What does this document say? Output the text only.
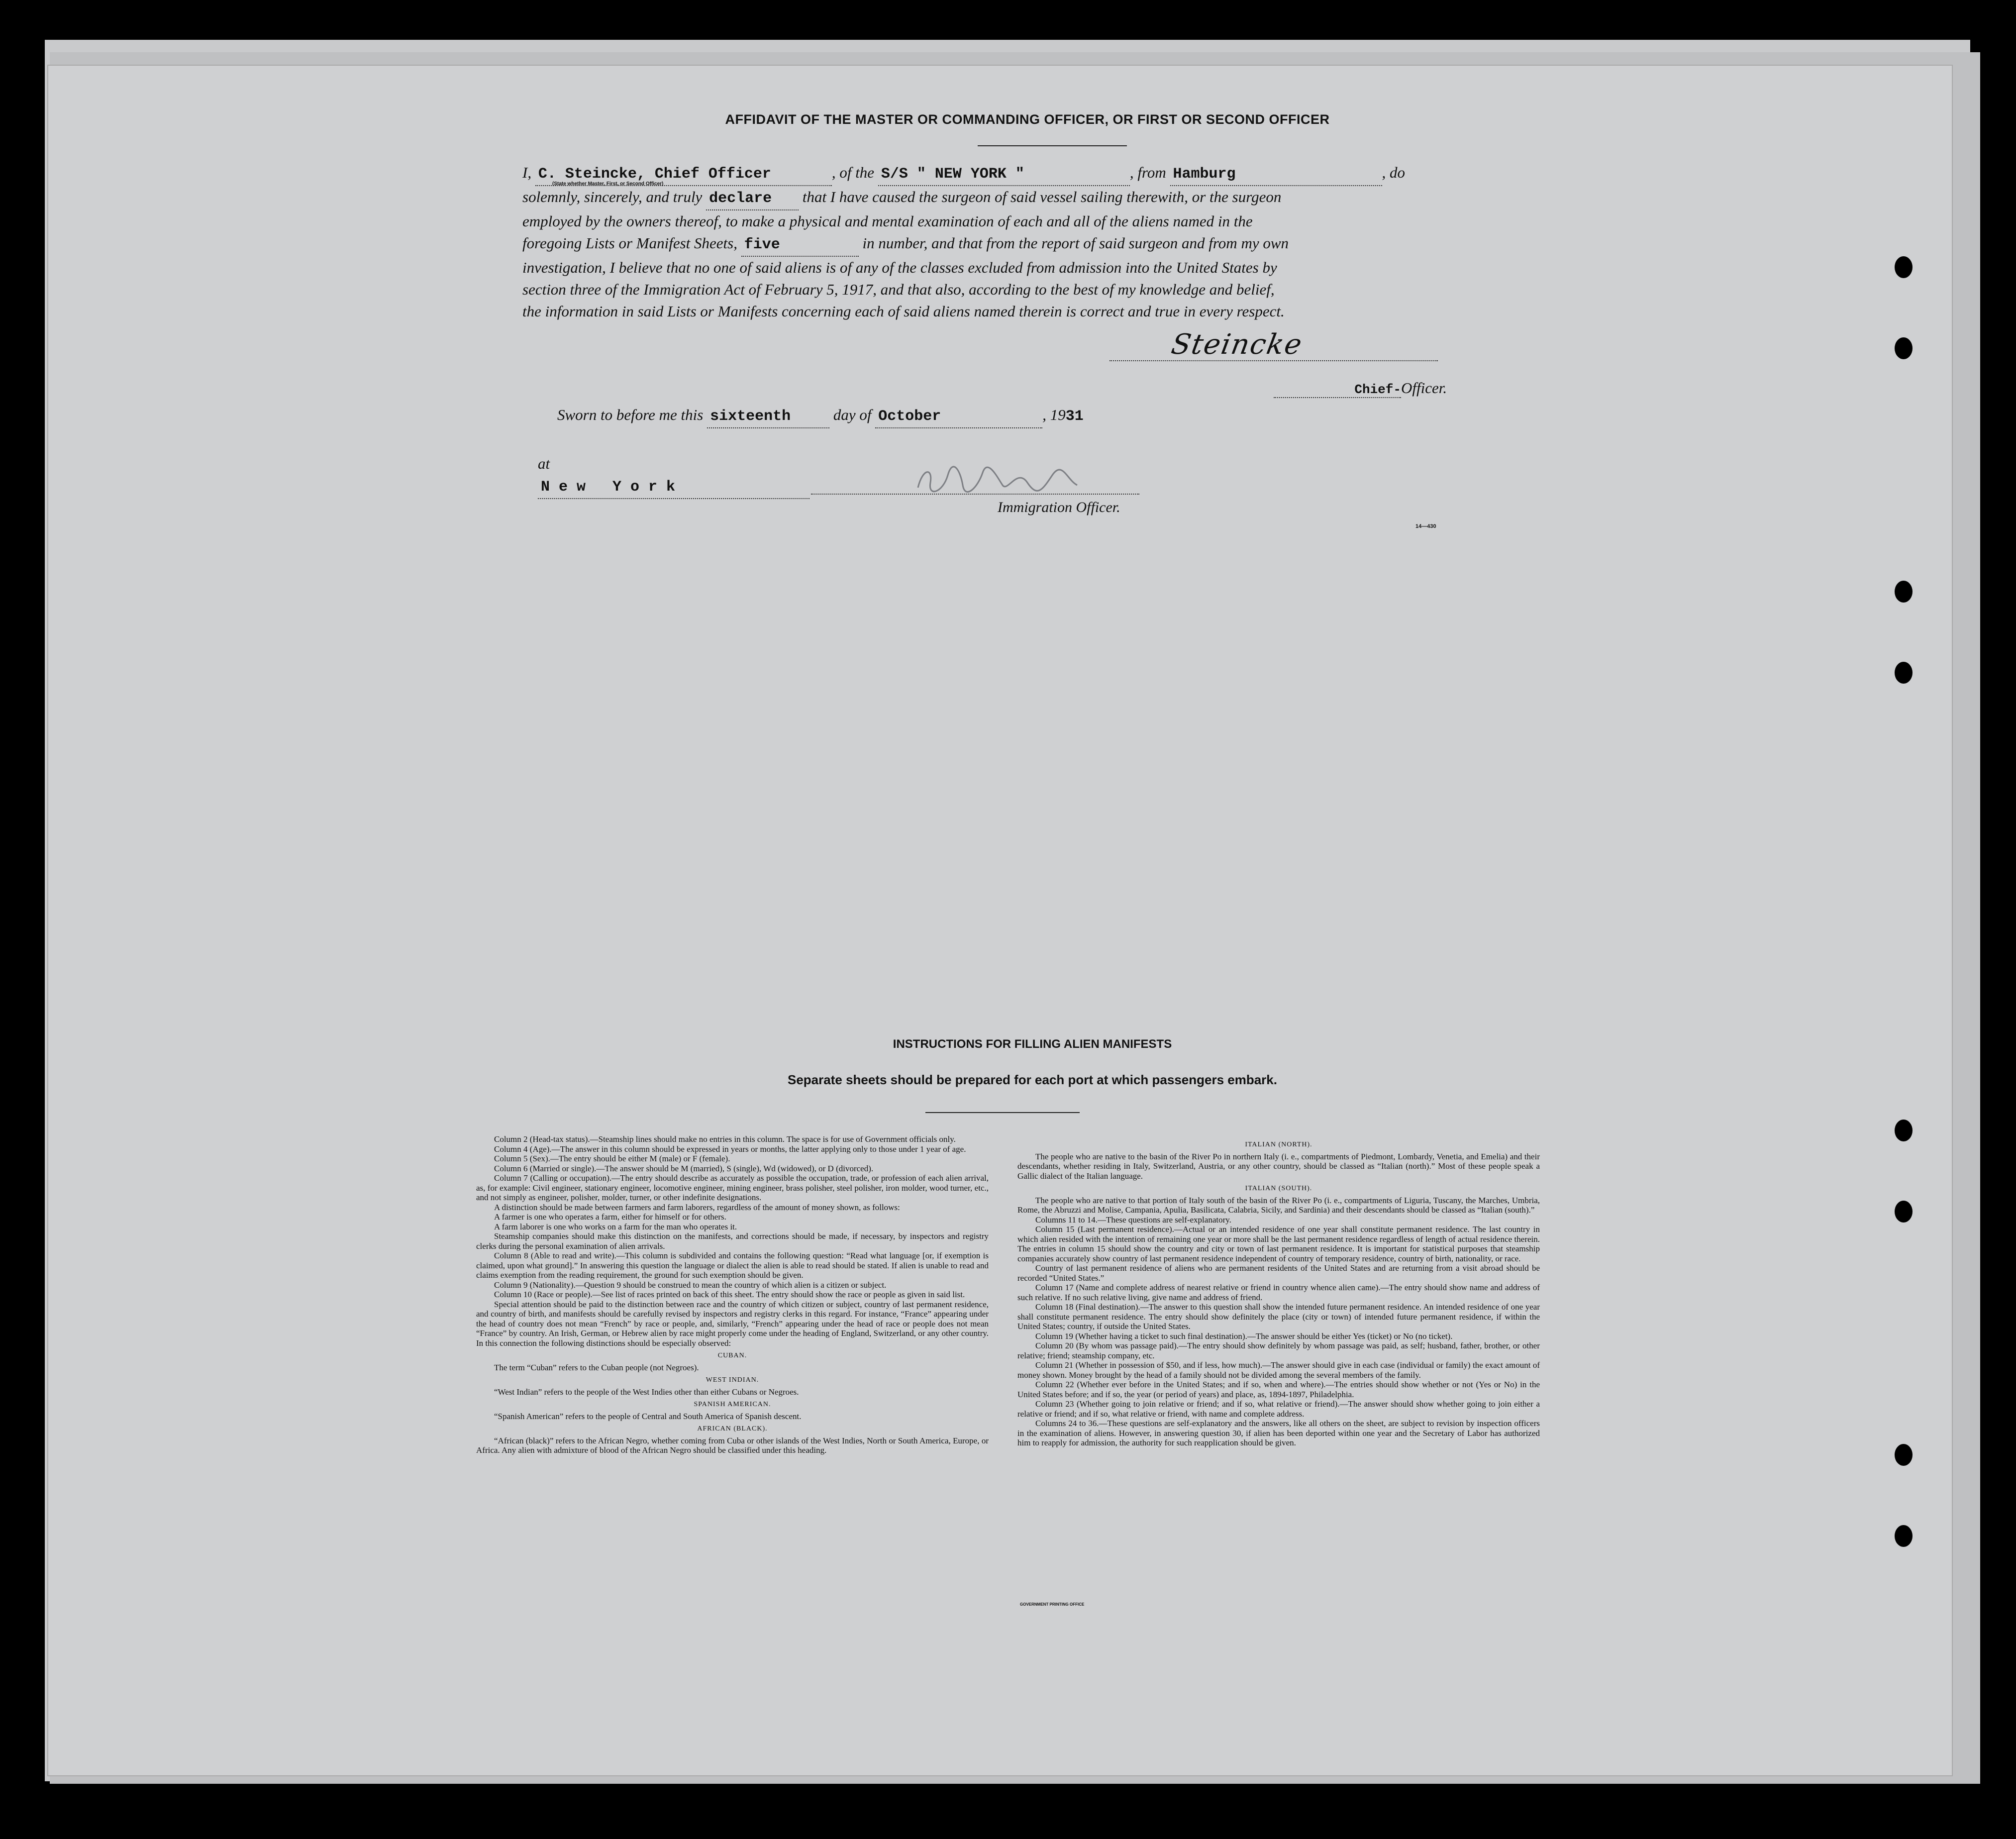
AFFIDAVIT OF THE MASTER OR COMMANDING OFFICER, OR FIRST OR SECOND OFFICER
I, C. Steincke, Chief Officer	, of the S/S " NEW YORK "	, from Hamburg	, do
(State whether Master, First, or Second Officer)
solemnly, sincerely, and truly declare that I have caused the surgeon of said vessel sailing therewith, or the surgeon
employed by the owners thereof, to make a physical and mental examination of each and all of the aliens named in the
foregoing Lists or Manifest Sheets, five	in number, and that from the report of said surgeon and from my own
investigation, I believe that no one of said aliens is of any of the classes excluded from admission into the United States by
section three of the Immigration Act of February 5, 1917, and that also, according to the best of my knowledge and belief,
the information in said Lists or Manifests concerning each of said aliens named therein is correct and true in every respect.
Steincke
Chief-Officer.
Sworn to before me this sixteenth	day of October	, 1931

at
N e w   Y o r k

Immigration Officer.
14—430
INSTRUCTIONS FOR FILLING ALIEN MANIFESTS
Separate sheets should be prepared for each port at which passengers embark.

Column 2 (Head-tax status).—Steamship lines should make no entries in this column. The space is for use of Government officials only.

Column 4 (Age).—The answer in this column should be expressed in years or months, the latter applying only to those under 1 year of age.

Column 5 (Sex).—The entry should be either M (male) or F (female).

Column 6 (Married or single).—The answer should be M (married), S (single), Wd (widowed), or D (divorced).

Column 7 (Calling or occupation).—The entry should describe as accurately as possible the occupation, trade, or profession of each alien arrival, as, for example: Civil engineer, stationary engineer, locomotive engineer, mining engineer, brass polisher, steel polisher, iron molder, wood turner, etc., and not simply as engineer, polisher, molder, turner, or other indefinite designations.

A distinction should be made between farmers and farm laborers, regardless of the amount of money shown, as follows:

A farmer is one who operates a farm, either for himself or for others.

A farm laborer is one who works on a farm for the man who operates it.

Steamship companies should make this distinction on the manifests, and corrections should be made, if necessary, by inspectors and registry clerks during the personal examination of alien arrivals.

Column 8 (Able to read and write).—This column is subdivided and contains the following question: “Read what language [or, if exemption is claimed, upon what ground].” In answering this question the language or dialect the alien is able to read should be stated. If alien is unable to read and claims exemption from the reading requirement, the ground for such exemption should be given.

Column 9 (Nationality).—Question 9 should be construed to mean the country of which alien is a citizen or subject.

Column 10 (Race or people).—See list of races printed on back of this sheet. The entry should show the race or people as given in said list.

Special attention should be paid to the distinction between race and the country of which citizen or subject, country of last permanent residence, and country of birth, and manifests should be carefully revised by inspectors and registry clerks in this regard. For instance, “France” appearing under the head of country does not mean “French” by race or people, and, similarly, “French” appearing under the head of race or people does not mean “France” by country. An Irish, German, or Hebrew alien by race might properly come under the heading of England, Switzerland, or any other country. In this connection the following distinctions should be especially observed:

CUBAN.

The term “Cuban” refers to the Cuban people (not Negroes).

WEST INDIAN.

“West Indian” refers to the people of the West Indies other than either Cubans or Negroes.

SPANISH AMERICAN.

“Spanish American” refers to the people of Central and South America of Spanish descent.

AFRICAN (BLACK).

“African (black)” refers to the African Negro, whether coming from Cuba or other islands of the West Indies, North or South America, Europe, or Africa. Any alien with admixture of blood of the African Negro should be classified under this heading.

ITALIAN (NORTH).

The people who are native to the basin of the River Po in northern Italy (i. e., compartments of Piedmont, Lombardy, Venetia, and Emelia) and their descendants, whether residing in Italy, Switzerland, Austria, or any other country, should be classed as “Italian (north).” Most of these people speak a Gallic dialect of the Italian language.

ITALIAN (SOUTH).

The people who are native to that portion of Italy south of the basin of the River Po (i. e., compartments of Liguria, Tuscany, the Marches, Umbria, Rome, the Abruzzi and Molise, Campania, Apulia, Basilicata, Calabria, Sicily, and Sardinia) and their descendants should be classed as “Italian (south).”

Columns 11 to 14.—These questions are self-explanatory.

Column 15 (Last permanent residence).—Actual or an intended residence of one year shall constitute permanent residence. The last country in which alien resided with the intention of remaining one year or more shall be the last permanent residence regardless of length of actual residence therein. The entries in column 15 should show the country and city or town of last permanent residence. It is important for statistical purposes that steamship companies accurately show country of last permanent residence independent of country of temporary residence, country of birth, nationality, or race.

Country of last permanent residence of aliens who are permanent residents of the United States and are returning from a visit abroad should be recorded “United States.”

Column 17 (Name and complete address of nearest relative or friend in country whence alien came).—The entry should show name and address of such relative. If no such relative living, give name and address of friend.

Column 18 (Final destination).—The answer to this question shall show the intended future permanent residence. An intended residence of one year shall constitute permanent residence. The entry should show definitely the place (city or town) of intended future permanent residence, if within the United States; country, if outside the United States.

Column 19 (Whether having a ticket to such final destination).—The answer should be either Yes (ticket) or No (no ticket).

Column 20 (By whom was passage paid).—The entry should show definitely by whom passage was paid, as self; husband, father, brother, or other relative; friend; steamship company, etc.

Column 21 (Whether in possession of $50, and if less, how much).—The answer should give in each case (individual or family) the exact amount of money shown. Money brought by the head of a family should not be divided among the several members of the family.

Column 22 (Whether ever before in the United States; and if so, when and where).—The entries should show whether or not (Yes or No) in the United States before; and if so, the year (or period of years) and place, as, 1894-1897, Philadelphia.

Column 23 (Whether going to join relative or friend; and if so, what relative or friend).—The answer should show whether going to join either a relative or friend; and if so, what relative or friend, with name and complete address.

Columns 24 to 36.—These questions are self-explanatory and the answers, like all others on the sheet, are subject to revision by inspection officers in the examination of aliens. However, in answering question 30, if alien has been deported within one year and the Secretary of Labor has authorized him to reapply for admission, the authority for such reapplication should be given.

GOVERNMENT PRINTING OFFICE
